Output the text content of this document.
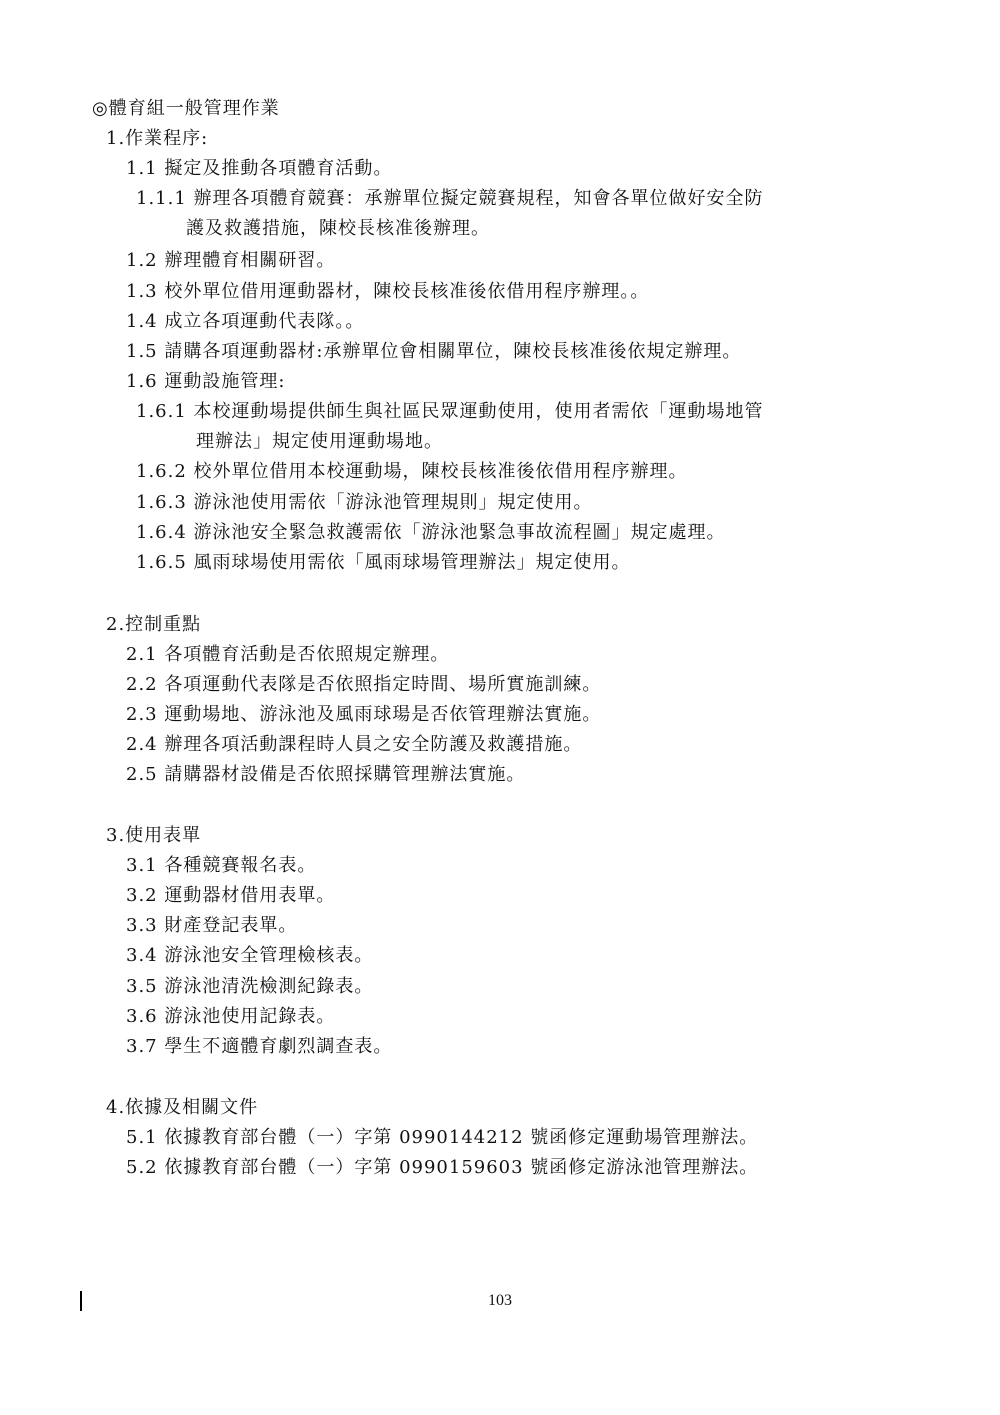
◎體育組一般管理作業
1.作業程序:
1.1 擬定及推動各項體育活動。
1.1.1 辦理各項體育競賽：承辦單位擬定競賽規程，知會各單位做好安全防
護及救護措施，陳校長核准後辦理。
1.2 辦理體育相關研習。
1.3 校外單位借用運動器材，陳校長核准後依借用程序辦理。。
1.4 成立各項運動代表隊。。
1.5 請購各項運動器材:承辦單位會相關單位，陳校長核准後依規定辦理。
1.6 運動設施管理:
1.6.1 本校運動場提供師生與社區民眾運動使用，使用者需依「運動場地管
理辦法」規定使用運動場地。
1.6.2 校外單位借用本校運動場，陳校長核准後依借用程序辦理。
1.6.3 游泳池使用需依「游泳池管理規則」規定使用。
1.6.4 游泳池安全緊急救護需依「游泳池緊急事故流程圖」規定處理。
1.6.5 風雨球場使用需依「風雨球場管理辦法」規定使用。
2.控制重點
2.1 各項體育活動是否依照規定辦理。
2.2 各項運動代表隊是否依照指定時間、場所實施訓練。
2.3 運動場地、游泳池及風雨球瑒是否依管理辦法實施。
2.4 辦理各項活動課程時人員之安全防護及救護措施。
2.5 請購器材設備是否依照採購管理辦法實施。
3.使用表單
3.1 各種競賽報名表。
3.2 運動器材借用表單。
3.3 財產登記表單。
3.4 游泳池安全管理檢核表。
3.5 游泳池清洗檢測紀錄表。
3.6 游泳池使用記錄表。
3.7 學生不適體育劇烈調查表。
4.依據及相關文件
5.1 依據教育部台體（一）字第 0990144212 號函修定運動場管理辦法。
5.2 依據教育部台體（一）字第 0990159603 號函修定游泳池管理辦法。
103
